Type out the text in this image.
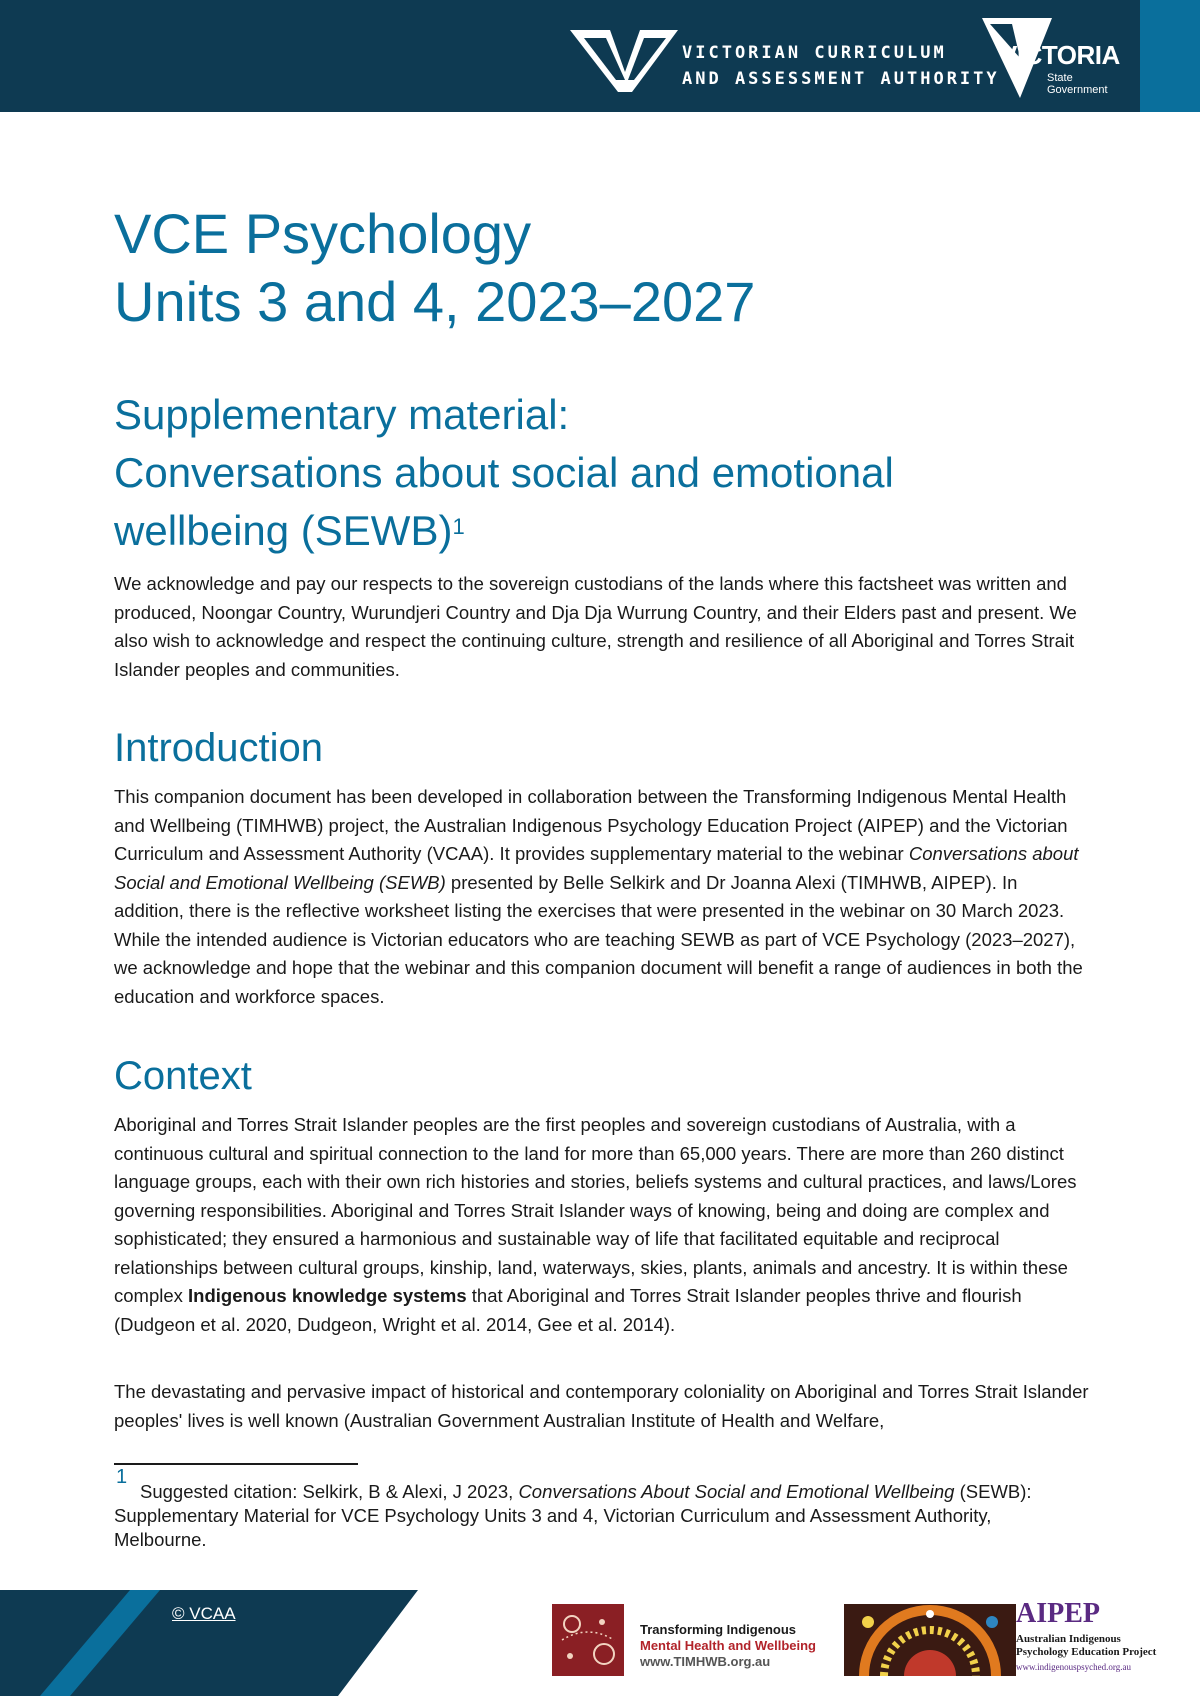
VICTORIAN CURRICULUM
AND ASSESSMENT AUTHORITY
VICTORIA
State
Government
VCE Psychology
Units 3 and 4, 2023–2027
Supplementary material:
Conversations about social and emotional
wellbeing (SEWB)$^1$

We acknowledge and pay our respects to the sovereign custodians of the lands where this factsheet was written and produced, Noongar Country, Wurundjeri Country and Dja Dja Wurrung Country, and their Elders past and present. We also wish to acknowledge and respect the continuing culture, strength and resilience of all Aboriginal and Torres Strait Islander peoples and communities.

Introduction

This companion document has been developed in collaboration between the Transforming Indigenous Mental Health and Wellbeing (TIMHWB) project, the Australian Indigenous Psychology Education Project (AIPEP) and the Victorian Curriculum and Assessment Authority (VCAA). It provides supplementary material to the webinar Conversations about Social and Emotional Wellbeing (SEWB) presented by Belle Selkirk and Dr Joanna Alexi (TIMHWB, AIPEP). In addition, there is the reflective worksheet listing the exercises that were presented in the webinar on 30 March 2023. While the intended audience is Victorian educators who are teaching SEWB as part of VCE Psychology (2023–2027), we acknowledge and hope that the webinar and this companion document will benefit a range of audiences in both the education and workforce spaces.

Context

Aboriginal and Torres Strait Islander peoples are the first peoples and sovereign custodians of Australia, with a continuous cultural and spiritual connection to the land for more than 65,000 years. There are more than 260 distinct language groups, each with their own rich histories and stories, beliefs systems and cultural practices, and laws/Lores governing responsibilities. Aboriginal and Torres Strait Islander ways of knowing, being and doing are complex and sophisticated; they ensured a harmonious and sustainable way of life that facilitated equitable and reciprocal relationships between cultural groups, kinship, land, waterways, skies, plants, animals and ancestry. It is within these complex Indigenous knowledge systems that Aboriginal and Torres Strait Islander peoples thrive and flourish (Dudgeon et al. 2020, Dudgeon, Wright et al. 2014, Gee et al. 2014).

The devastating and pervasive impact of historical and contemporary coloniality on Aboriginal and Torres Strait Islander peoples' lives is well known (Australian Government Australian Institute of Health and Welfare,

1

Suggested citation: Selkirk, B & Alexi, J 2023, Conversations About Social and Emotional Wellbeing (SEWB): Supplementary Material for VCE Psychology Units 3 and 4, Victorian Curriculum and Assessment Authority, Melbourne.

© VCAA
Transforming Indigenous
Mental Health and Wellbeing
www.TIMHWB.org.au
AIPEP
Australian Indigenous
Psychology Education Project
www.indigenouspsyched.org.au
